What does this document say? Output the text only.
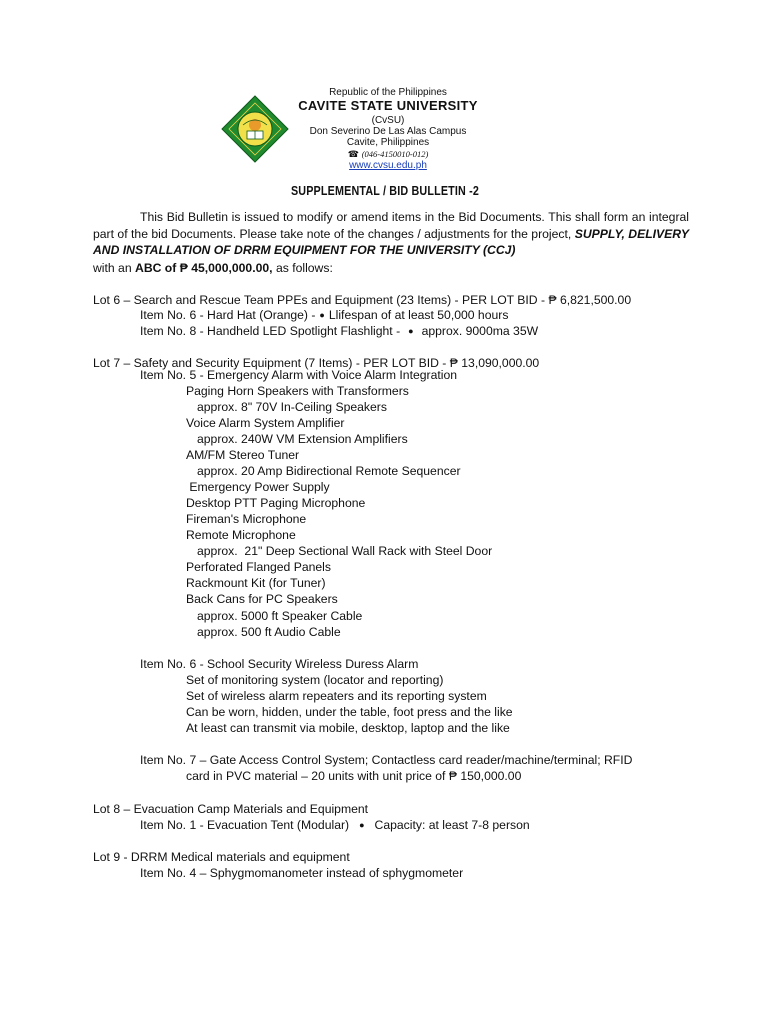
Republic of the Philippines
CAVITE STATE UNIVERSITY
(CvSU)
Don Severino De Las Alas Campus
Cavite, Philippines
☎ (046-4150010-012)
www.cvsu.edu.ph
SUPPLEMENTAL / BID BULLETIN -2
This Bid Bulletin is issued to modify or amend items in the Bid Documents. This shall form an integral part of the bid Documents. Please take note of the changes / adjustments for the project, SUPPLY, DELIVERY AND INSTALLATION OF DRRM EQUIPMENT FOR THE UNIVERSITY (CCJ)
with an ABC of ₱ 45,000,000.00, as follows:
Lot 6 – Search and Rescue Team PPEs and Equipment (23 Items) - PER LOT BID - ₱ 6,821,500.00
Item No. 6 - Hard Hat (Orange) - ● Llifespan of at least 50,000 hours
Item No. 8 - Handheld LED Spotlight Flashlight - ● approx. 9000ma 35W
Lot 7 – Safety and Security Equipment (7 Items) - PER LOT BID - ₱ 13,090,000.00
Item No. 5 - Emergency Alarm with Voice Alarm Integration
Paging Horn Speakers with Transformers
approx. 8" 70V In-Ceiling Speakers
Voice Alarm System Amplifier
approx. 240W VM Extension Amplifiers
AM/FM Stereo Tuner
approx. 20 Amp Bidirectional Remote Sequencer
Emergency Power Supply
Desktop PTT Paging Microphone
Fireman's Microphone
Remote Microphone
approx.  21" Deep Sectional Wall Rack with Steel Door
Perforated Flanged Panels
Rackmount Kit (for Tuner)
Back Cans for PC Speakers
approx. 5000 ft Speaker Cable
approx. 500 ft Audio Cable
Item No. 6 - School Security Wireless Duress Alarm
Set of monitoring system (locator and reporting)
Set of wireless alarm repeaters and its reporting system
Can be worn, hidden, under the table, foot press and the like
At least can transmit via mobile, desktop, laptop and the like
Item No. 7 – Gate Access Control System; Contactless card reader/machine/terminal; RFID
card in PVC material – 20 units with unit price of ₱ 150,000.00
Lot 8 – Evacuation Camp Materials and Equipment
Item No. 1 - Evacuation Tent (Modular) ● Capacity: at least 7-8 person
Lot 9 - DRRM Medical materials and equipment
Item No. 4 – Sphygmomanometer instead of sphygmometer
